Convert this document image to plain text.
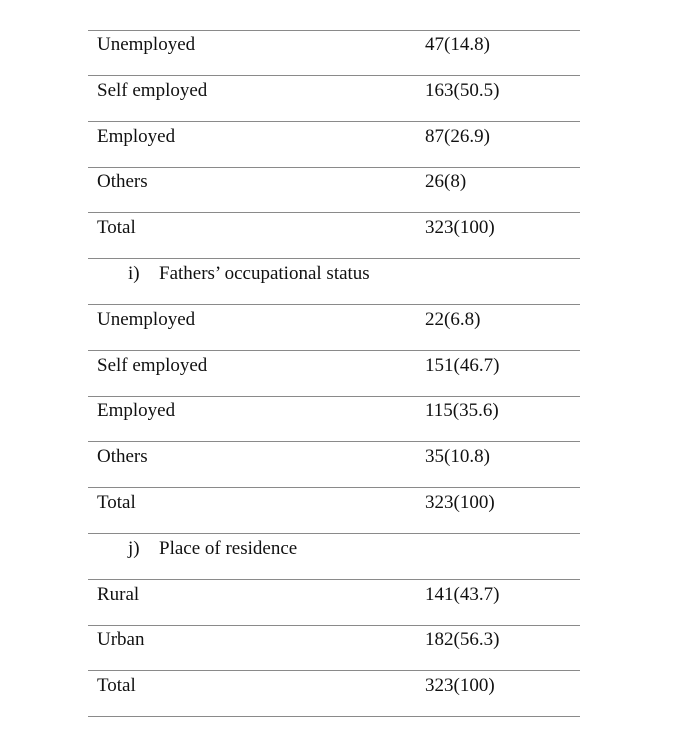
Unemployed	47(14.8)
Self employed	163(50.5)
Employed	87(26.9)
Others	26(8)
Total	323(100)
i) Fathers’ occupational status
Unemployed	22(6.8)
Self employed	151(46.7)
Employed	115(35.6)
Others	35(10.8)
Total	323(100)
j) Place of residence
Rural	141(43.7)
Urban	182(56.3)
Total	323(100)
